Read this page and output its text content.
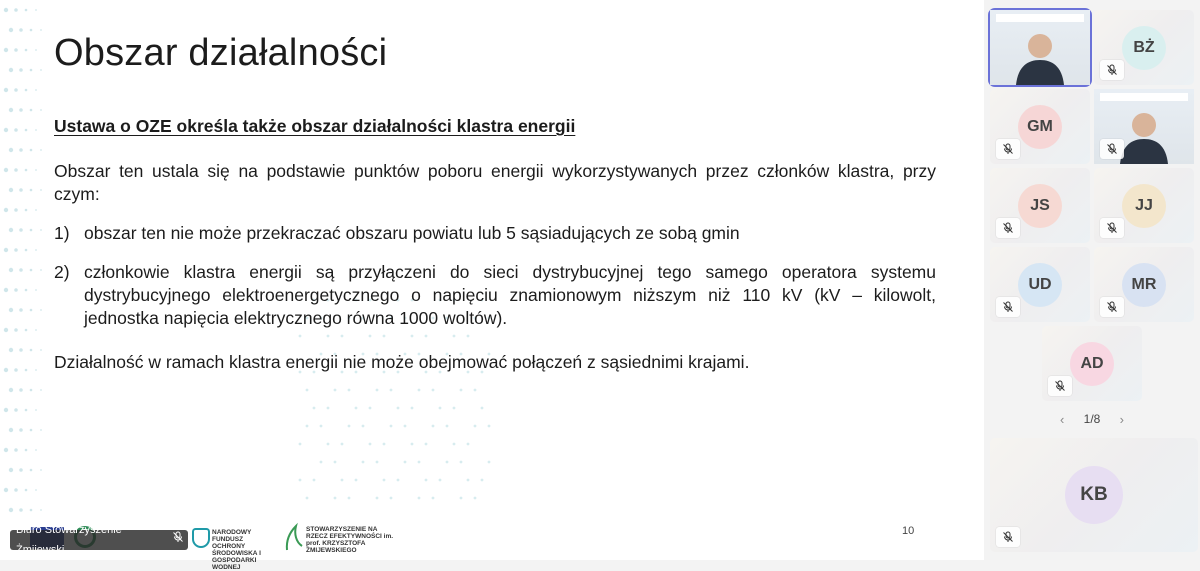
Obszar działalności
Ustawa o OZE określa także obszar działalności klastra energii

Obszar ten ustala się na podstawie punktów poboru energii wykorzystywanych przez członków klastra, przy czym:

1) obszar ten nie może przekraczać obszaru powiatu lub 5 sąsiadujących ze sobą gmin
2) członkowie klastra energii są przyłączeni do sieci dystrybucyjnej tego samego operatora systemu dystrybucyjnego elektroenergetycznego o napięciu znamionowym niższym niż 110 kV (kV – kilowolt, jednostka napięcia elektrycznego równa 1000 woltów).

Działalność w ramach klastra energii nie może obejmować połączeń z sąsiednimi krajami.

NARODOWY FUNDUSZ OCHRONY ŚRODOWISKA I GOSPODARKI WODNEJ
STOWARZYSZENIE NA RZECZ EFEKTYWNOŚCI im. prof. KRZYSZTOFA ŻMIJEWSKIEGO
10
Biuro Stowarzyszenie Żmijewski
BŻ
GM
JS	JJ
UD	MR
AD
‹ 1/8 ›
KB
